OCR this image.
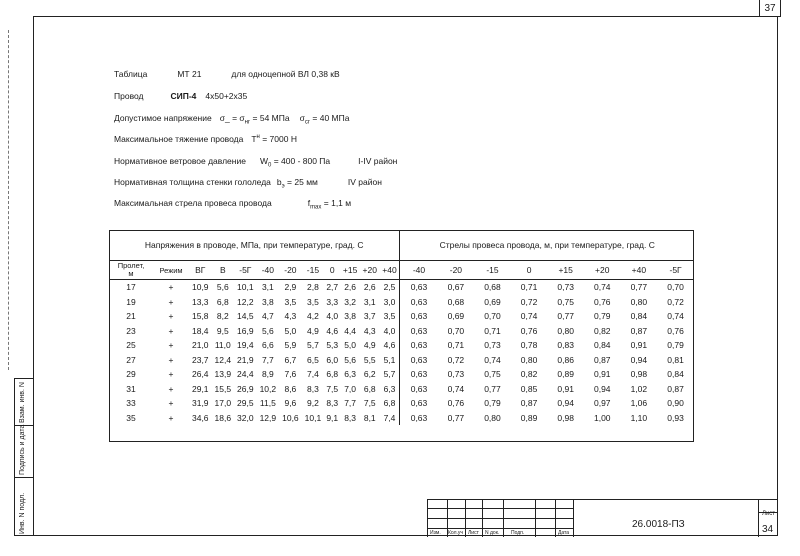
37
Взам. инв. N
Подпись и дата
Инв. N подл.
Таблица	МТ 21	для одноцепной ВЛ 0,38 кВ
Провод	СИП-4 4х50+2х35
Допустимое напряжение σ_ = $\sigma_{нг} = 54$ МПа $\sigma_{сг} = 40$ МПа
Максимальное тяжение провода $T^н = 7000$ Н
Нормативное ветровое давление $W_0 = 400 - 800$ Па	I-IV район
Нормативная толщина стенки гололеда $b_э = 25$ мм	IV район
Максимальная стрела провеса провода	$f_{max} = 1,1$ м
Напряжения в проводе, МПа, при температуре, град. С												Стрелы провеса провода, м, при температуре, град. С							
Пролет,
м	Режим	ВГ	В	-5Г	-40	-20	-15	0	+15	+20	+40	-40	-20	-15	0	+15	+20	+40	-5Г
17	+	10,9	5,6	10,1	3,1	2,9	2,8	2,7	2,6	2,6	2,5	0,63	0,67	0,68	0,71	0,73	0,74	0,77	0,70
19	+	13,3	6,8	12,2	3,8	3,5	3,5	3,3	3,2	3,1	3,0	0,63	0,68	0,69	0,72	0,75	0,76	0,80	0,72
21	+	15,8	8,2	14,5	4,7	4,3	4,2	4,0	3,8	3,7	3,5	0,63	0,69	0,70	0,74	0,77	0,79	0,84	0,74
23	+	18,4	9,5	16,9	5,6	5,0	4,9	4,6	4,4	4,3	4,0	0,63	0,70	0,71	0,76	0,80	0,82	0,87	0,76
25	+	21,0	11,0	19,4	6,6	5,9	5,7	5,3	5,0	4,9	4,6	0,63	0,71	0,73	0,78	0,83	0,84	0,91	0,79
27	+	23,7	12,4	21,9	7,7	6,7	6,5	6,0	5,6	5,5	5,1	0,63	0,72	0,74	0,80	0,86	0,87	0,94	0,81
29	+	26,4	13,9	24,4	8,9	7,6	7,4	6,8	6,3	6,2	5,7	0,63	0,73	0,75	0,82	0,89	0,91	0,98	0,84
31	+	29,1	15,5	26,9	10,2	8,6	8,3	7,5	7,0	6,8	6,3	0,63	0,74	0,77	0,85	0,91	0,94	1,02	0,87
33	+	31,9	17,0	29,5	11,5	9,6	9,2	8,3	7,7	7,5	6,8	0,63	0,76	0,79	0,87	0,94	0,97	1,06	0,90
35	+	34,6	18,6	32,0	12,9	10,6	10,1	9,1	8,3	8,1	7,4	0,63	0,77	0,80	0,89	0,98	1,00	1,10	0,93
Изм. Кол.уч Лист N док. Подп.	Дата
26.0018-ПЗ
Лист
34
